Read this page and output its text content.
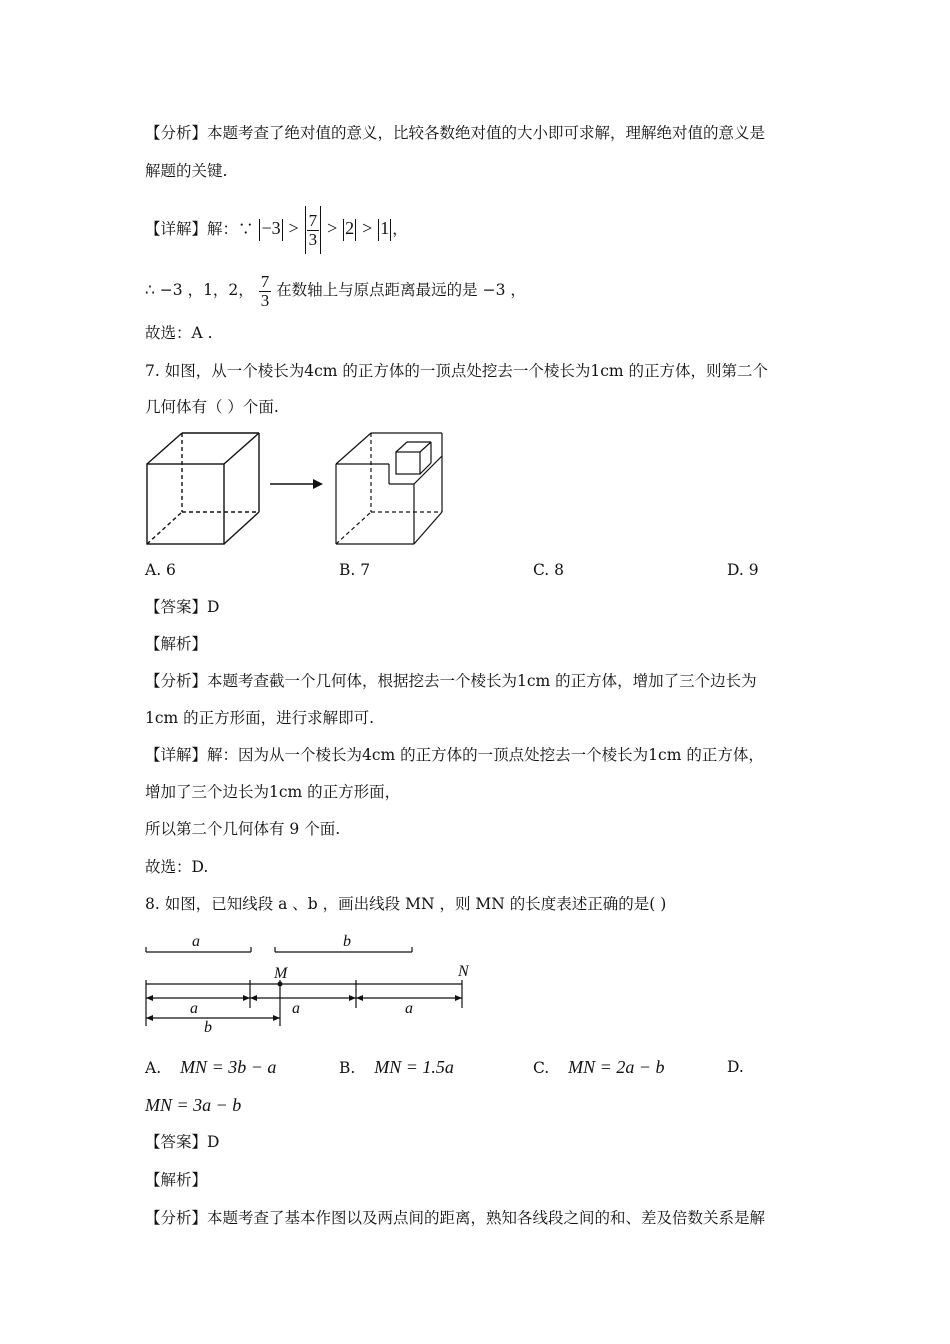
【分析】本题考查了绝对值的意义，比较各数绝对值的大小即可求解，理解绝对值的意义是
解题的关键.
【详解】解：∵ $-3 > \frac{7}{3} > 2 > 1$ ，
∴ −3 ，1，2， $\frac{7}{3}$ 在数轴上与原点距离最远的是 −3 ，
故选：A .
7. 如图，从一个棱长为4cm 的正方体的一顶点处挖去一个棱长为1cm 的正方体，则第二个
几何体有（ ）个面.
A. 6	B. 7	C. 8	D. 9
【答案】D
【解析】
【分析】本题考查截一个几何体，根据挖去一个棱长为1cm 的正方体，增加了三个边长为
1cm 的正方形面，进行求解即可.
【详解】解：因为从一个棱长为4cm 的正方体的一顶点处挖去一个棱长为1cm 的正方体，
增加了三个边长为1cm 的正方形面，
所以第二个几何体有 9 个面.
故选：D.
8. 如图，已知线段 a 、b ，画出线段 MN ，则 MN 的长度表述正确的是( )
a	b
M	N
a	a	a
b
A. MN = 3b − a	B. MN = 1.5a	C. MN = 2a − b	D.
MN = 3a − b
【答案】D
【解析】
【分析】本题考查了基本作图以及两点间的距离，熟知各线段之间的和、差及倍数关系是解
